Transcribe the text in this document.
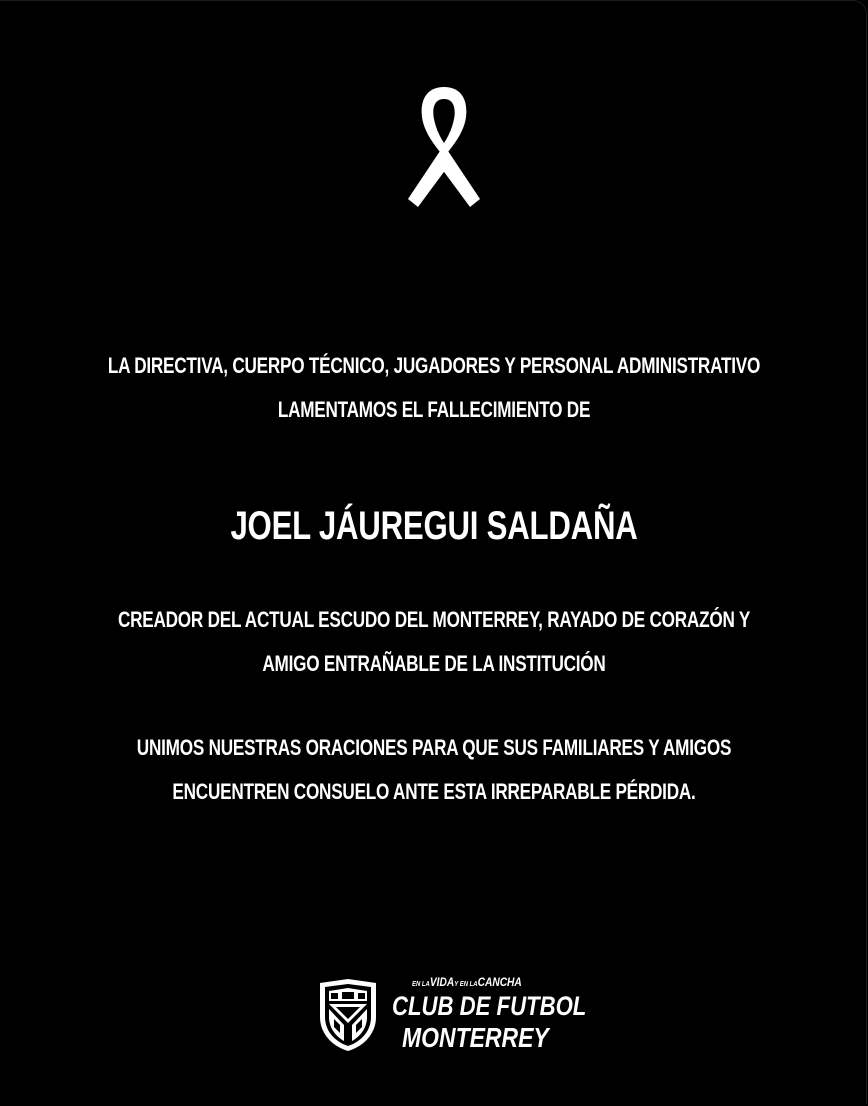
LA DIRECTIVA, CUERPO TÉCNICO, JUGADORES Y PERSONAL ADMINISTRATIVO
LAMENTAMOS EL FALLECIMIENTO DE
JOEL JÁUREGUI SALDAÑA
CREADOR DEL ACTUAL ESCUDO DEL MONTERREY, RAYADO DE CORAZÓN Y
AMIGO ENTRAÑABLE DE LA INSTITUCIÓN
UNIMOS NUESTRAS ORACIONES PARA QUE SUS FAMILIARES Y AMIGOS
ENCUENTREN CONSUELO ANTE ESTA IRREPARABLE PÉRDIDA.
EN LAVIDAY EN LACANCHA
CLUB DE FUTBOL
MONTERREY
